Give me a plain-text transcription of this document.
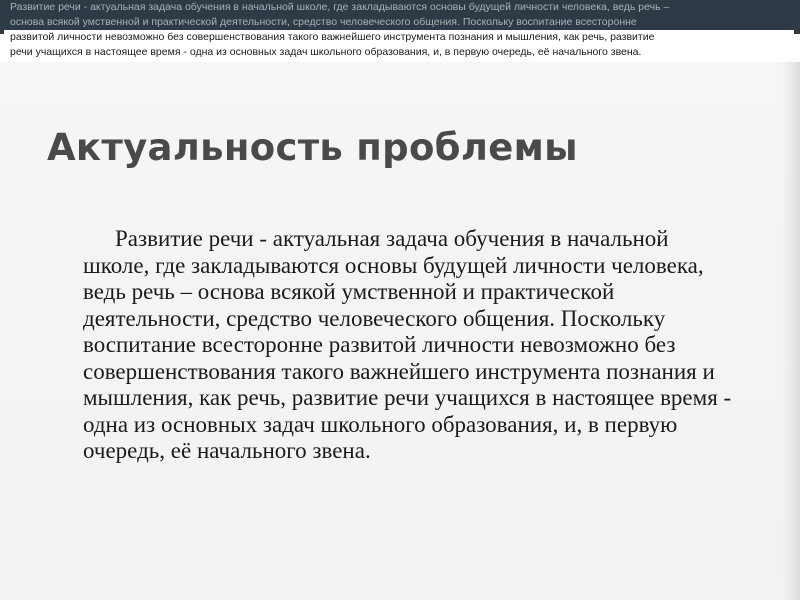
Развитие речи - актуальная задача обучения в начальной школе, где закладываются основы будущей личности человека, ведь речь –
основа всякой умственной и практической деятельности, средство человеческого общения. Поскольку воспитание всесторонне
развитой личности невозможно без совершенствования такого важнейшего инструмента познания и мышления, как речь, развитие
речи учащихся в настоящее время - одна из основных задач школьного образования, и, в первую очередь, её начального звена.
Актуальность проблемы

Развитие речи - актуальная задача обучения в начальной школе, где закладываются основы будущей личности человека, ведь речь – основа всякой умственной и практической деятельности, средство человеческого общения. Поскольку воспитание всесторонне развитой личности невозможно без совершенствования такого важнейшего инструмента познания и мышления, как речь, развитие речи учащихся в настоящее время - одна из основных задач школьного образования, и, в первую очередь, её начального звена.
